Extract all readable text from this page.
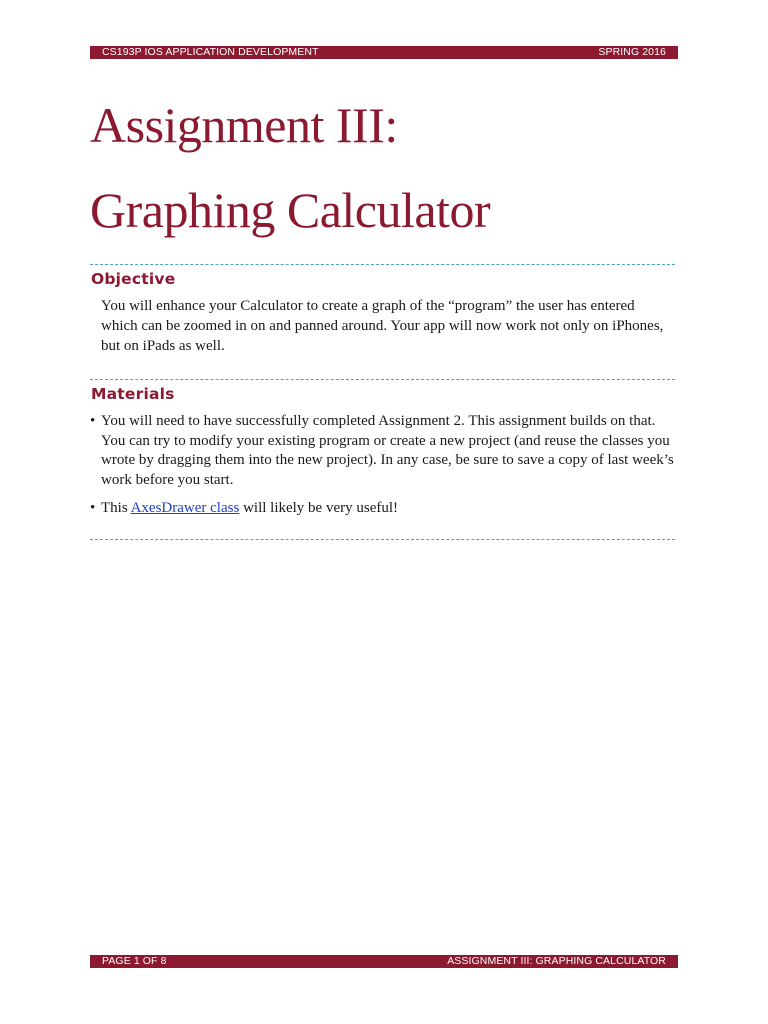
CS193P IOS APPLICATION DEVELOPMENT	SPRING 2016
Assignment III:
Graphing Calculator
Objective

You will enhance your Calculator to create a graph of the “program” the user has entered which can be zoomed in on and panned around. Your app will now work not only on iPhones, but on iPads as well.

Materials
• You will need to have successfully completed Assignment 2. This assignment builds on that. You can try to modify your existing program or create a new project (and reuse the classes you wrote by dragging them into the new project). In any case, be sure to save a copy of last week’s work before you start.
• This AxesDrawer class will likely be very useful!
PAGE 1 OF 8	ASSIGNMENT III: GRAPHING CALCULATOR
